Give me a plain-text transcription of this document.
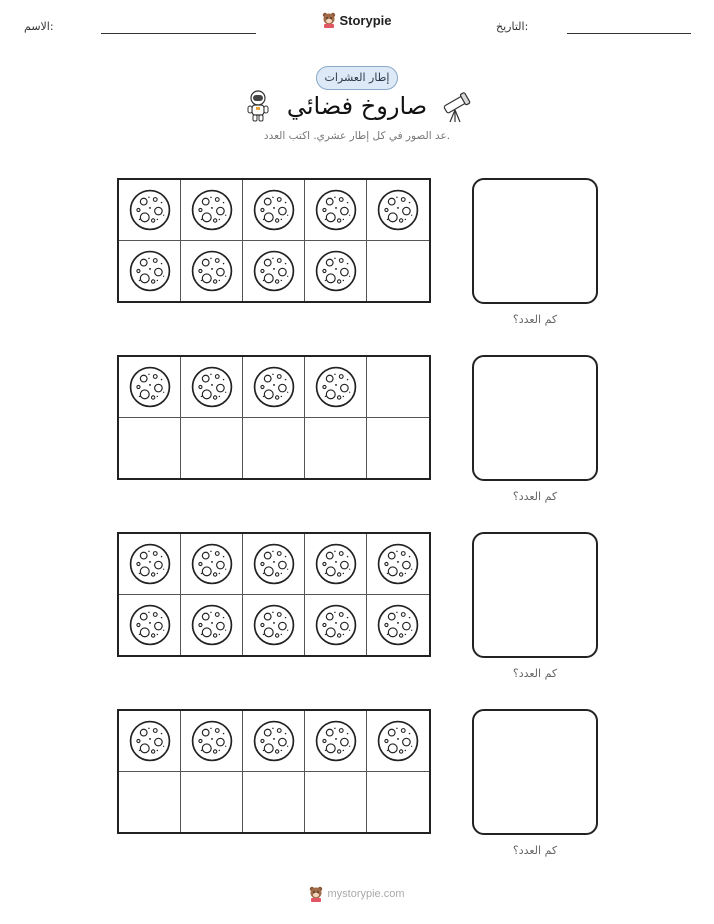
الاسم:	Storypie	التاريخ:
إطار العشرات
صاروخ فضائي
عد الصور في كل إطار عشري. اكتب العدد.
كم العدد؟
كم العدد؟
كم العدد؟
كم العدد؟
mystorypie.com
